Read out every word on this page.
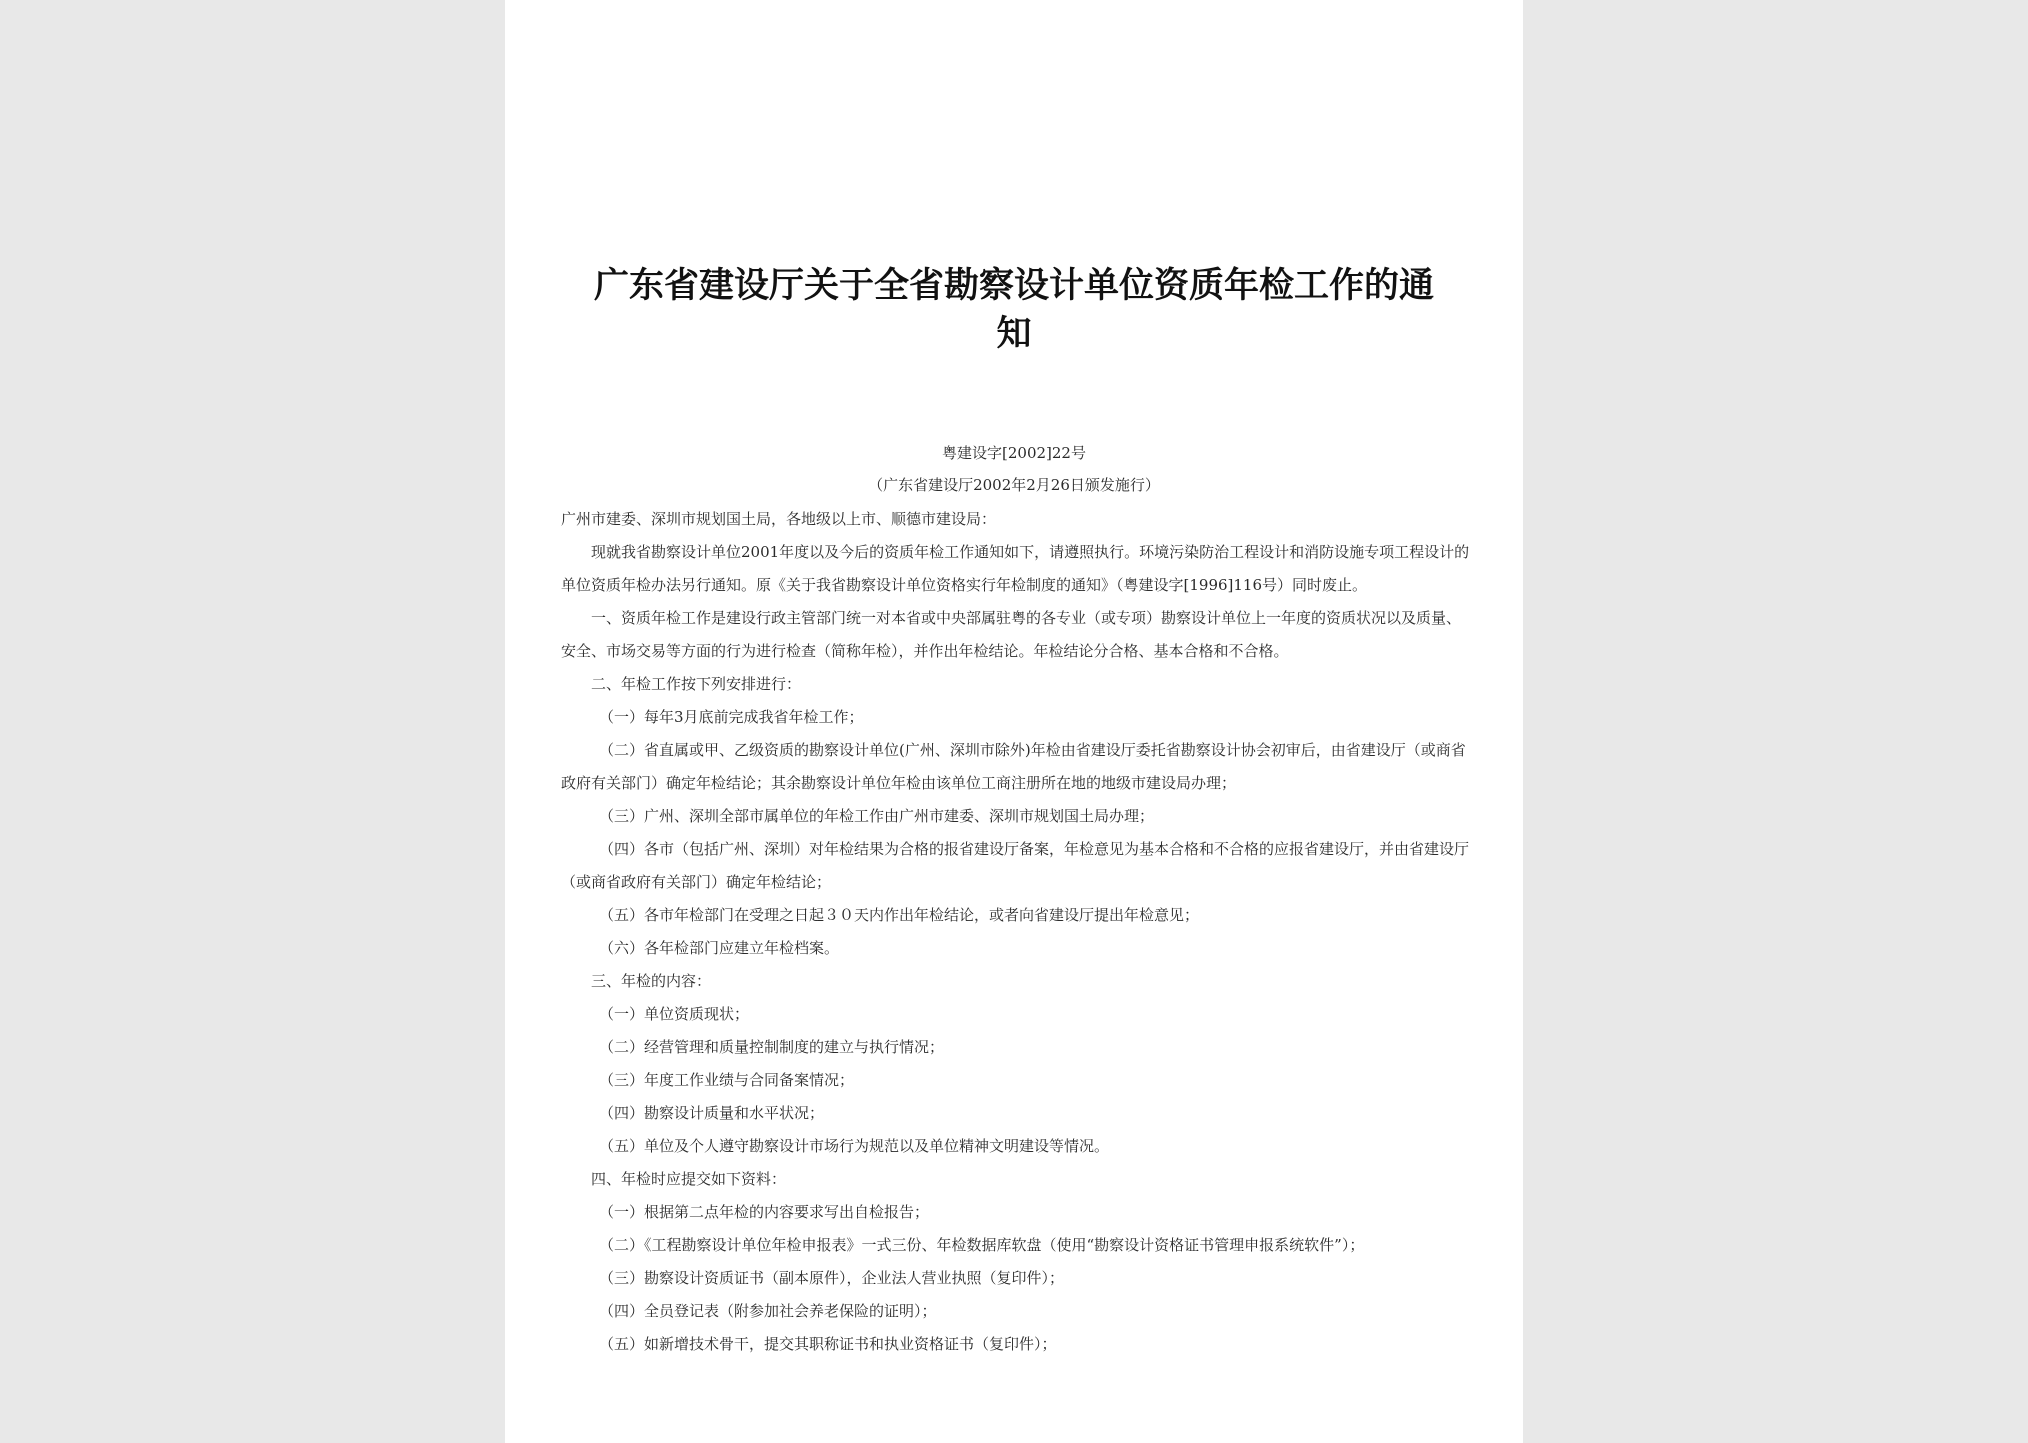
广东省建设厅关于全省勘察设计单位资质年检工作的通
知

粤建设字[2002]22号

（广东省建设厅2002年2月26日颁发施行）

广州市建委、深圳市规划国土局，各地级以上市、顺德市建设局：

现就我省勘察设计单位2001年度以及今后的资质年检工作通知如下，请遵照执行。环境污染防治工程设计和消防设施专项工程设计的单位资质年检办法另行通知。原《关于我省勘察设计单位资格实行年检制度的通知》（粤建设字[1996]116号）同时废止。

一、资质年检工作是建设行政主管部门统一对本省或中央部属驻粤的各专业（或专项）勘察设计单位上一年度的资质状况以及质量、安全、市场交易等方面的行为进行检查（简称年检），并作出年检结论。年检结论分合格、基本合格和不合格。

二、年检工作按下列安排进行：

（一）每年3月底前完成我省年检工作；

（二）省直属或甲、乙级资质的勘察设计单位(广州、深圳市除外)年检由省建设厅委托省勘察设计协会初审后，由省建设厅（或商省政府有关部门）确定年检结论；其余勘察设计单位年检由该单位工商注册所在地的地级市建设局办理；

（三）广州、深圳全部市属单位的年检工作由广州市建委、深圳市规划国土局办理；

（四）各市（包括广州、深圳）对年检结果为合格的报省建设厅备案，年检意见为基本合格和不合格的应报省建设厅，并由省建设厅（或商省政府有关部门）确定年检结论；

（五）各市年检部门在受理之日起３０天内作出年检结论，或者向省建设厅提出年检意见；

（六）各年检部门应建立年检档案。

三、年检的内容：

（一）单位资质现状；

（二）经营管理和质量控制制度的建立与执行情况；

（三）年度工作业绩与合同备案情况；

（四）勘察设计质量和水平状况；

（五）单位及个人遵守勘察设计市场行为规范以及单位精神文明建设等情况。

四、年检时应提交如下资料：

（一）根据第二点年检的内容要求写出自检报告；

（二）《工程勘察设计单位年检申报表》一式三份、年检数据库软盘（使用“勘察设计资格证书管理申报系统软件”）；

（三）勘察设计资质证书（副本原件），企业法人营业执照（复印件）；

（四）全员登记表（附参加社会养老保险的证明）；

（五）如新增技术骨干，提交其职称证书和执业资格证书（复印件）；
